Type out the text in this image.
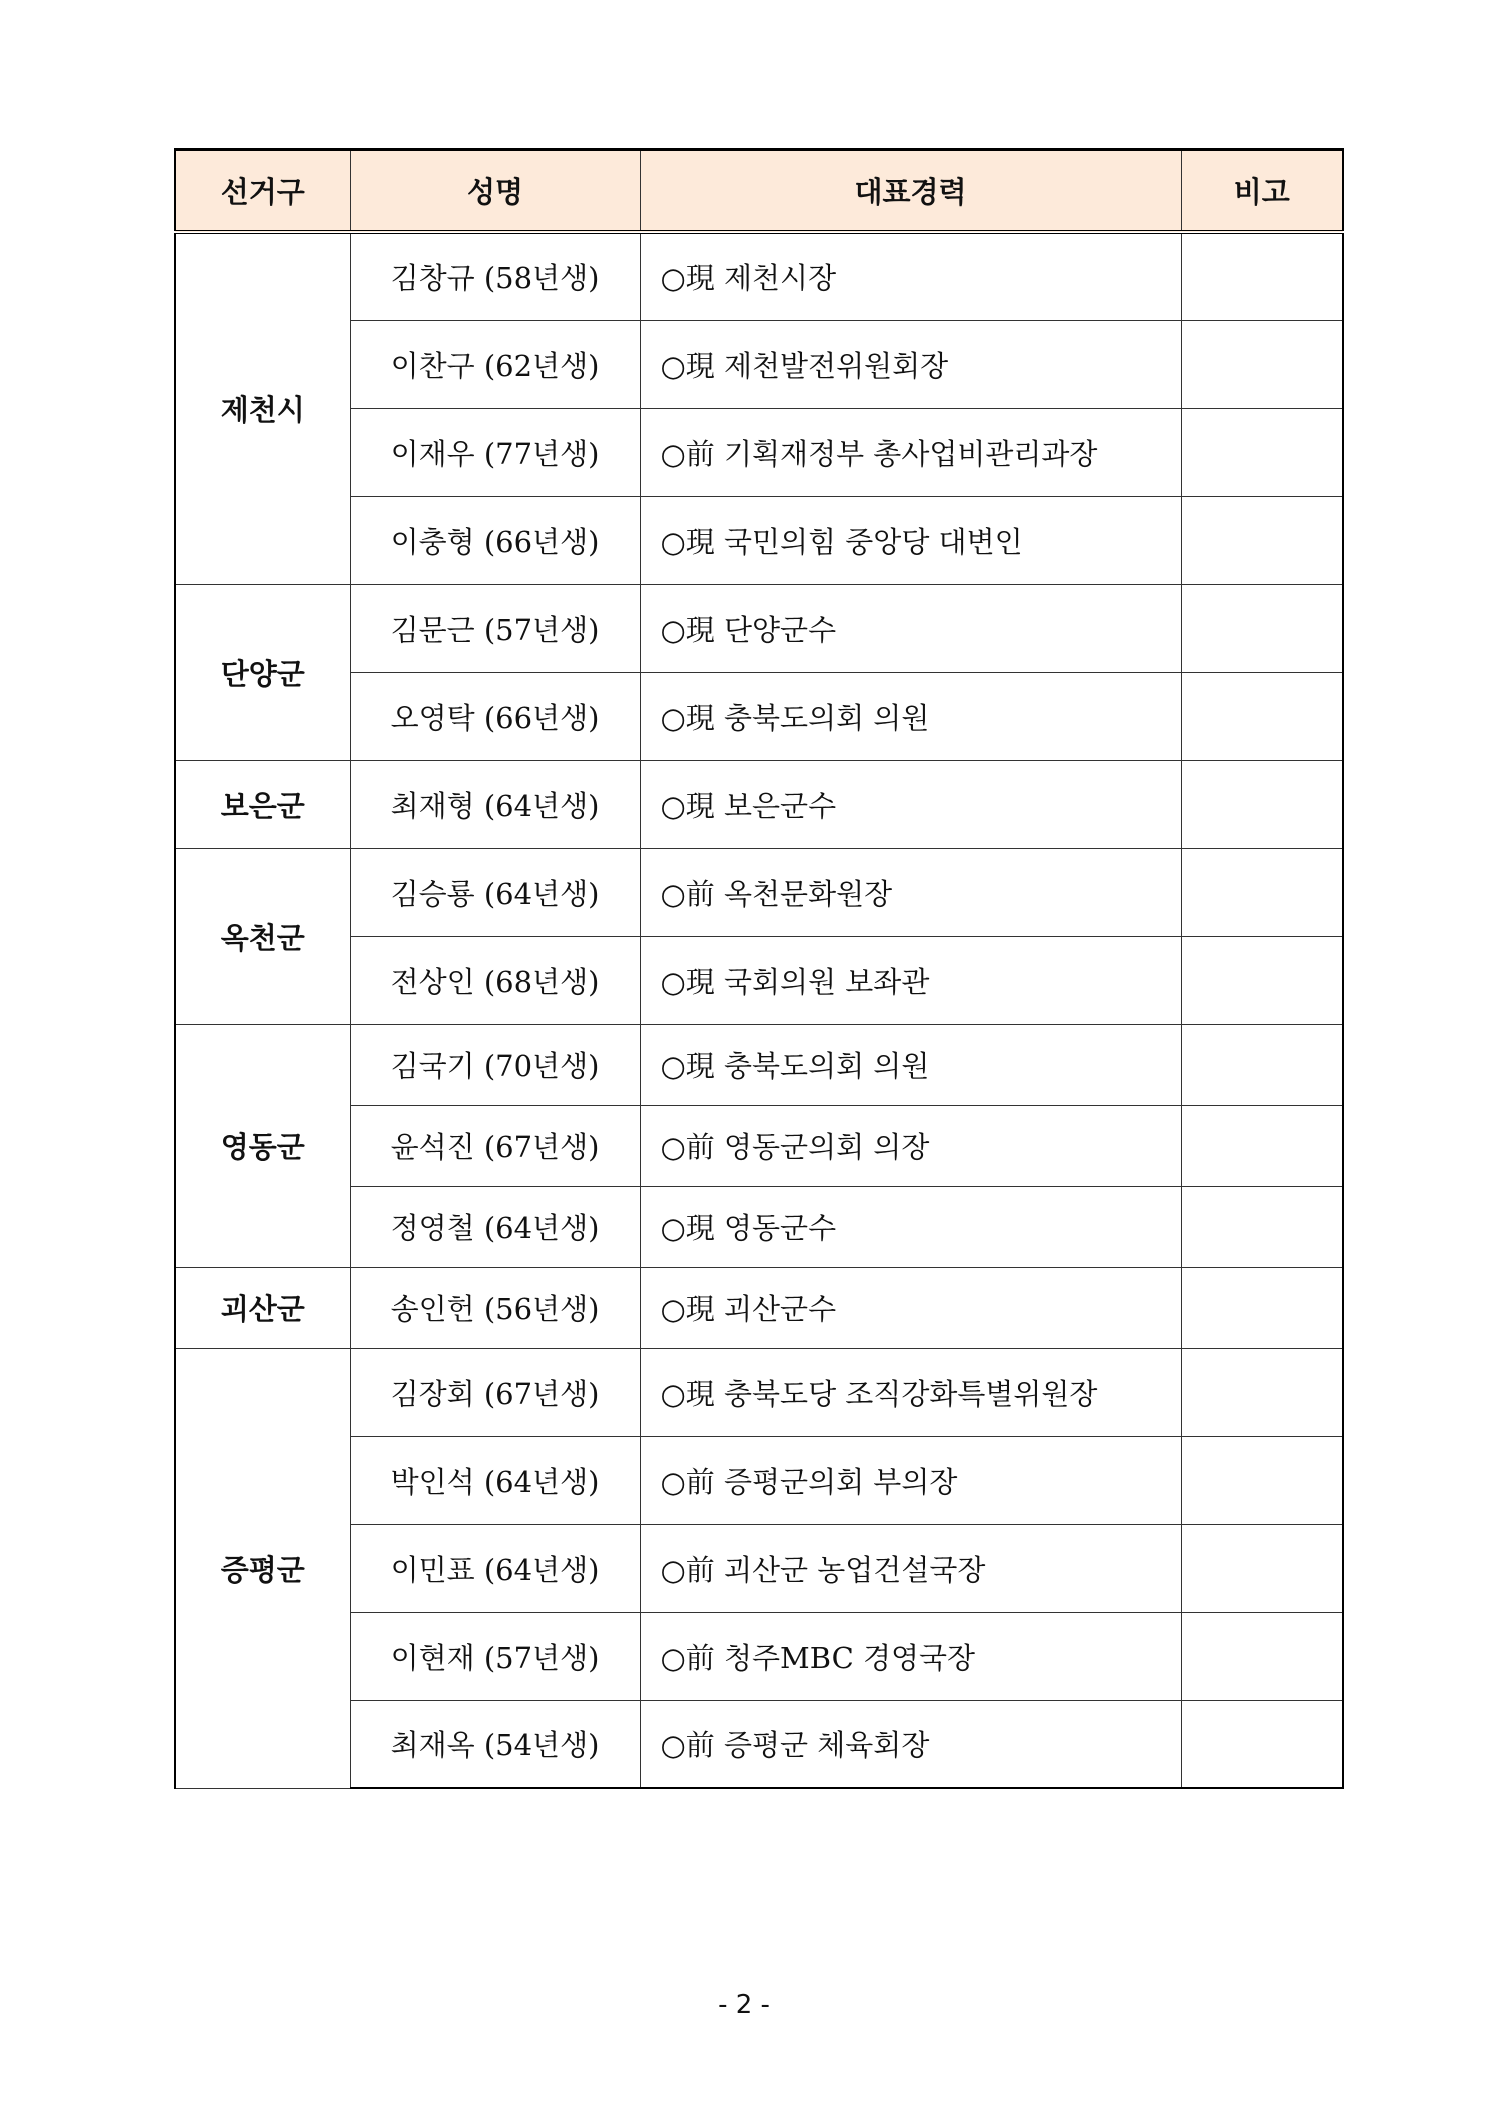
선거구	성명	대표경력	비고
제천시	김창규 (58년생)	○現 제천시장	
	이찬구 (62년생)	○現 제천발전위원회장	
	이재우 (77년생)	○前 기획재정부 총사업비관리과장	
	이충형 (66년생)	○現 국민의힘 중앙당 대변인	
단양군	김문근 (57년생)	○現 단양군수	
	오영탁 (66년생)	○現 충북도의회 의원	
보은군	최재형 (64년생)	○現 보은군수	
옥천군	김승룡 (64년생)	○前 옥천문화원장	
	전상인 (68년생)	○現 국회의원 보좌관	
영동군	김국기 (70년생)	○現 충북도의회 의원	
	윤석진 (67년생)	○前 영동군의회 의장	
	정영철 (64년생)	○現 영동군수	
괴산군	송인헌 (56년생)	○現 괴산군수	
증평군	김장회 (67년생)	○現 충북도당 조직강화특별위원장	
	박인석 (64년생)	○前 증평군의회 부의장	
	이민표 (64년생)	○前 괴산군 농업건설국장	
	이현재 (57년생)	○前 청주MBC 경영국장	
	최재옥 (54년생)	○前 증평군 체육회장	
- 2 -
